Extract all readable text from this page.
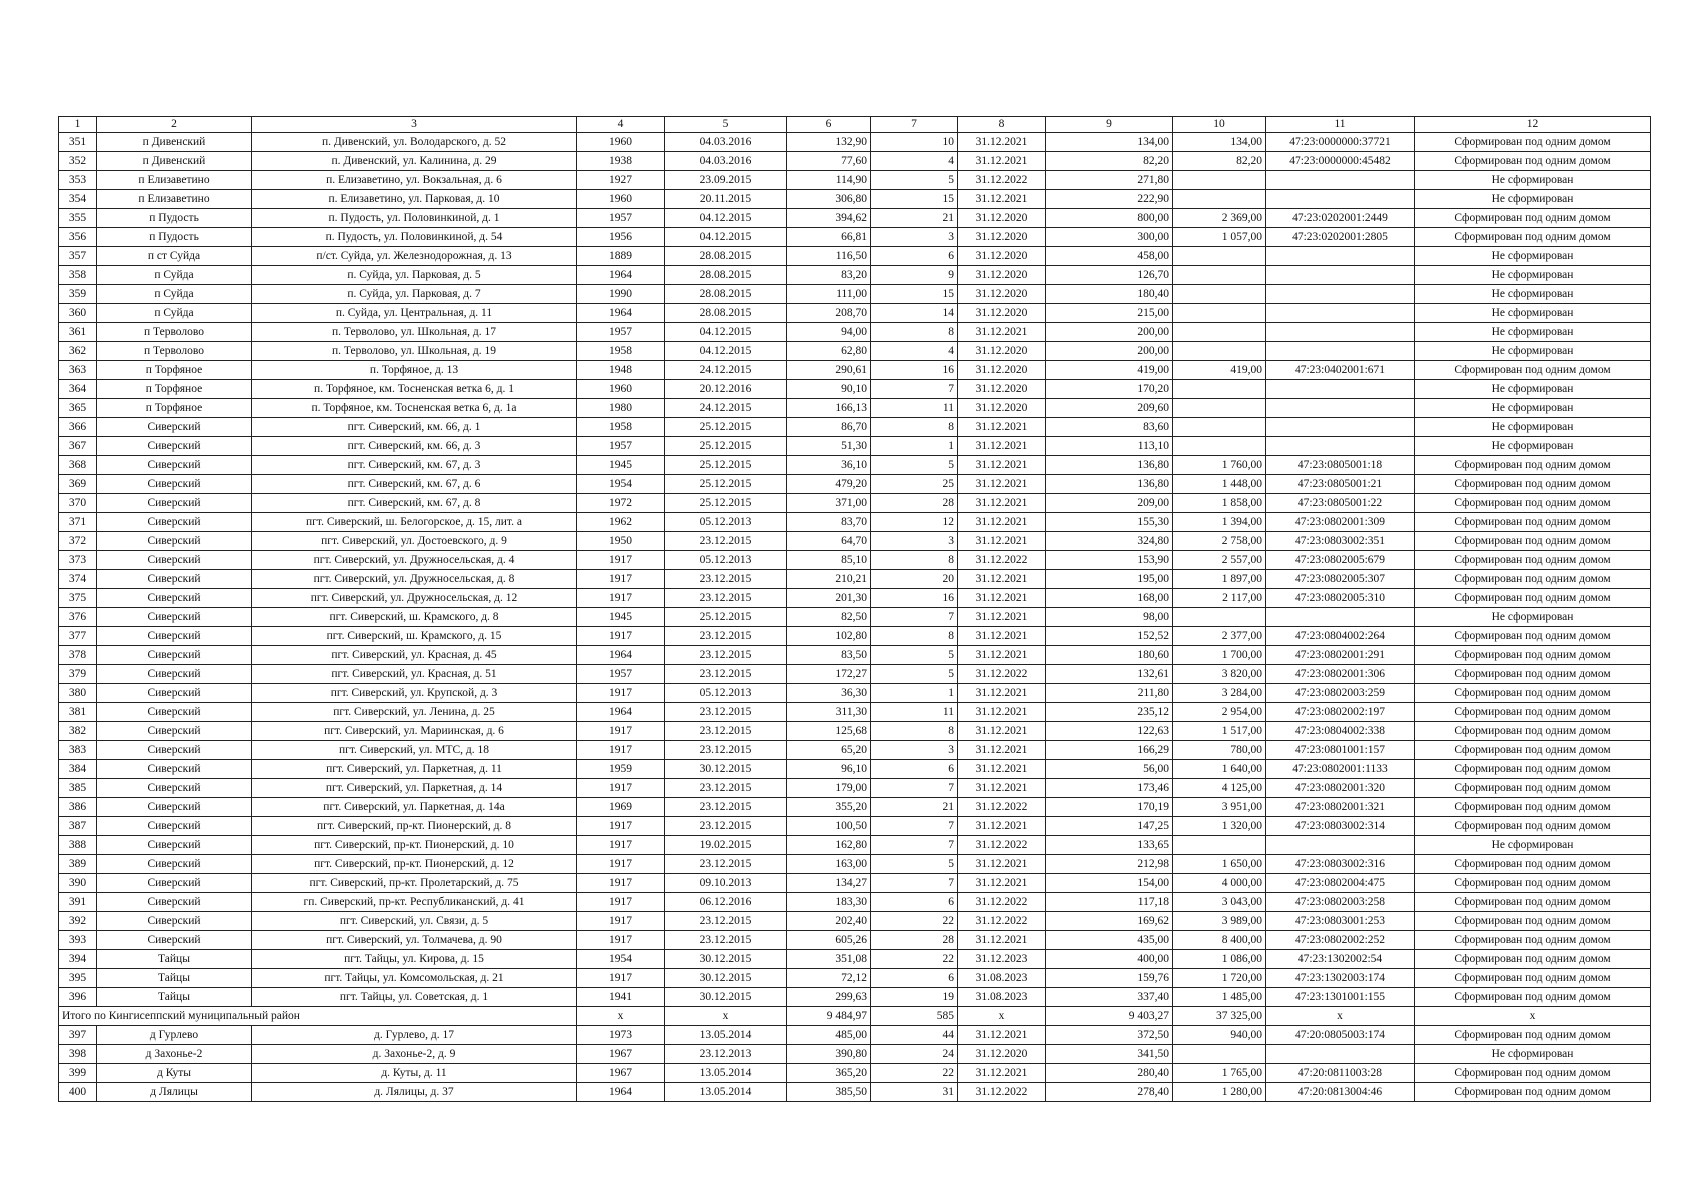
1	2	3	4	5	6	7	8	9	10	11	12
351	п Дивенский	п. Дивенский, ул. Володарского, д. 52	1960	04.03.2016	132,90	10	31.12.2021	134,00	134,00	47:23:0000000:37721	Сформирован под одним домом
352	п Дивенский	п. Дивенский, ул. Калинина, д. 29	1938	04.03.2016	77,60	4	31.12.2021	82,20	82,20	47:23:0000000:45482	Сформирован под одним домом
353	п Елизаветино	п. Елизаветино, ул. Вокзальная, д. 6	1927	23.09.2015	114,90	5	31.12.2022	271,80			Не сформирован
354	п Елизаветино	п. Елизаветино, ул. Парковая, д. 10	1960	20.11.2015	306,80	15	31.12.2021	222,90			Не сформирован
355	п Пудость	п. Пудость, ул. Половинкиной, д. 1	1957	04.12.2015	394,62	21	31.12.2020	800,00	2 369,00	47:23:0202001:2449	Сформирован под одним домом
356	п Пудость	п. Пудость, ул. Половинкиной, д. 54	1956	04.12.2015	66,81	3	31.12.2020	300,00	1 057,00	47:23:0202001:2805	Сформирован под одним домом
357	п ст Суйда	п/ст. Суйда, ул. Железнодорожная, д. 13	1889	28.08.2015	116,50	6	31.12.2020	458,00			Не сформирован
358	п Суйда	п. Суйда, ул. Парковая, д. 5	1964	28.08.2015	83,20	9	31.12.2020	126,70			Не сформирован
359	п Суйда	п. Суйда, ул. Парковая, д. 7	1990	28.08.2015	111,00	15	31.12.2020	180,40			Не сформирован
360	п Суйда	п. Суйда, ул. Центральная, д. 11	1964	28.08.2015	208,70	14	31.12.2020	215,00			Не сформирован
361	п Терволово	п. Терволово, ул. Школьная, д. 17	1957	04.12.2015	94,00	8	31.12.2021	200,00			Не сформирован
362	п Терволово	п. Терволово, ул. Школьная, д. 19	1958	04.12.2015	62,80	4	31.12.2020	200,00			Не сформирован
363	п Торфяное	п. Торфяное, д. 13	1948	24.12.2015	290,61	16	31.12.2020	419,00	419,00	47:23:0402001:671	Сформирован под одним домом
364	п Торфяное	п. Торфяное, км. Тосненская ветка 6, д. 1	1960	20.12.2016	90,10	7	31.12.2020	170,20			Не сформирован
365	п Торфяное	п. Торфяное, км. Тосненская ветка 6, д. 1а	1980	24.12.2015	166,13	11	31.12.2020	209,60			Не сформирован
366	Сиверский	пгт. Сиверский, км. 66, д. 1	1958	25.12.2015	86,70	8	31.12.2021	83,60			Не сформирован
367	Сиверский	пгт. Сиверский, км. 66, д. 3	1957	25.12.2015	51,30	1	31.12.2021	113,10			Не сформирован
368	Сиверский	пгт. Сиверский, км. 67, д. 3	1945	25.12.2015	36,10	5	31.12.2021	136,80	1 760,00	47:23:0805001:18	Сформирован под одним домом
369	Сиверский	пгт. Сиверский, км. 67, д. 6	1954	25.12.2015	479,20	25	31.12.2021	136,80	1 448,00	47:23:0805001:21	Сформирован под одним домом
370	Сиверский	пгт. Сиверский, км. 67, д. 8	1972	25.12.2015	371,00	28	31.12.2021	209,00	1 858,00	47:23:0805001:22	Сформирован под одним домом
371	Сиверский	пгт. Сиверский, ш. Белогорское, д. 15, лит. а	1962	05.12.2013	83,70	12	31.12.2021	155,30	1 394,00	47:23:0802001:309	Сформирован под одним домом
372	Сиверский	пгт. Сиверский, ул. Достоевского, д. 9	1950	23.12.2015	64,70	3	31.12.2021	324,80	2 758,00	47:23:0803002:351	Сформирован под одним домом
373	Сиверский	пгт. Сиверский, ул. Дружносельская, д. 4	1917	05.12.2013	85,10	8	31.12.2022	153,90	2 557,00	47:23:0802005:679	Сформирован под одним домом
374	Сиверский	пгт. Сиверский, ул. Дружносельская, д. 8	1917	23.12.2015	210,21	20	31.12.2021	195,00	1 897,00	47:23:0802005:307	Сформирован под одним домом
375	Сиверский	пгт. Сиверский, ул. Дружносельская, д. 12	1917	23.12.2015	201,30	16	31.12.2021	168,00	2 117,00	47:23:0802005:310	Сформирован под одним домом
376	Сиверский	пгт. Сиверский, ш. Крамского, д. 8	1945	25.12.2015	82,50	7	31.12.2021	98,00			Не сформирован
377	Сиверский	пгт. Сиверский, ш. Крамского, д. 15	1917	23.12.2015	102,80	8	31.12.2021	152,52	2 377,00	47:23:0804002:264	Сформирован под одним домом
378	Сиверский	пгт. Сиверский, ул. Красная, д. 45	1964	23.12.2015	83,50	5	31.12.2021	180,60	1 700,00	47:23:0802001:291	Сформирован под одним домом
379	Сиверский	пгт. Сиверский, ул. Красная, д. 51	1957	23.12.2015	172,27	5	31.12.2022	132,61	3 820,00	47:23:0802001:306	Сформирован под одним домом
380	Сиверский	пгт. Сиверский, ул. Крупской, д. 3	1917	05.12.2013	36,30	1	31.12.2021	211,80	3 284,00	47:23:0802003:259	Сформирован под одним домом
381	Сиверский	пгт. Сиверский, ул. Ленина, д. 25	1964	23.12.2015	311,30	11	31.12.2021	235,12	2 954,00	47:23:0802002:197	Сформирован под одним домом
382	Сиверский	пгт. Сиверский, ул. Мариинская, д. 6	1917	23.12.2015	125,68	8	31.12.2021	122,63	1 517,00	47:23:0804002:338	Сформирован под одним домом
383	Сиверский	пгт. Сиверский, ул. МТС, д. 18	1917	23.12.2015	65,20	3	31.12.2021	166,29	780,00	47:23:0801001:157	Сформирован под одним домом
384	Сиверский	пгт. Сиверский, ул. Паркетная, д. 11	1959	30.12.2015	96,10	6	31.12.2021	56,00	1 640,00	47:23:0802001:1133	Сформирован под одним домом
385	Сиверский	пгт. Сиверский, ул. Паркетная, д. 14	1917	23.12.2015	179,00	7	31.12.2021	173,46	4 125,00	47:23:0802001:320	Сформирован под одним домом
386	Сиверский	пгт. Сиверский, ул. Паркетная, д. 14а	1969	23.12.2015	355,20	21	31.12.2022	170,19	3 951,00	47:23:0802001:321	Сформирован под одним домом
387	Сиверский	пгт. Сиверский, пр-кт. Пионерский, д. 8	1917	23.12.2015	100,50	7	31.12.2021	147,25	1 320,00	47:23:0803002:314	Сформирован под одним домом
388	Сиверский	пгт. Сиверский, пр-кт. Пионерский, д. 10	1917	19.02.2015	162,80	7	31.12.2022	133,65			Не сформирован
389	Сиверский	пгт. Сиверский, пр-кт. Пионерский, д. 12	1917	23.12.2015	163,00	5	31.12.2021	212,98	1 650,00	47:23:0803002:316	Сформирован под одним домом
390	Сиверский	пгт. Сиверский, пр-кт. Пролетарский, д. 75	1917	09.10.2013	134,27	7	31.12.2021	154,00	4 000,00	47:23:0802004:475	Сформирован под одним домом
391	Сиверский	гп. Сиверский, пр-кт. Республиканский, д. 41	1917	06.12.2016	183,30	6	31.12.2022	117,18	3 043,00	47:23:0802003:258	Сформирован под одним домом
392	Сиверский	пгт. Сиверский, ул. Связи, д. 5	1917	23.12.2015	202,40	22	31.12.2022	169,62	3 989,00	47:23:0803001:253	Сформирован под одним домом
393	Сиверский	пгт. Сиверский, ул. Толмачева, д. 90	1917	23.12.2015	605,26	28	31.12.2021	435,00	8 400,00	47:23:0802002:252	Сформирован под одним домом
394	Тайцы	пгт. Тайцы, ул. Кирова, д. 15	1954	30.12.2015	351,08	22	31.12.2023	400,00	1 086,00	47:23:1302002:54	Сформирован под одним домом
395	Тайцы	пгт. Тайцы, ул. Комсомольская, д. 21	1917	30.12.2015	72,12	6	31.08.2023	159,76	1 720,00	47:23:1302003:174	Сформирован под одним домом
396	Тайцы	пгт. Тайцы, ул. Советская, д. 1	1941	30.12.2015	299,63	19	31.08.2023	337,40	1 485,00	47:23:1301001:155	Сформирован под одним домом
Итого по Кингисеппский муниципальный район			х	х	9 484,97	585	х	9 403,27	37 325,00	х	х
397	д Гурлево	д. Гурлево, д. 17	1973	13.05.2014	485,00	44	31.12.2021	372,50	940,00	47:20:0805003:174	Сформирован под одним домом
398	д Захонье-2	д. Захонье-2, д. 9	1967	23.12.2013	390,80	24	31.12.2020	341,50			Не сформирован
399	д Куты	д. Куты, д. 11	1967	13.05.2014	365,20	22	31.12.2021	280,40	1 765,00	47:20:0811003:28	Сформирован под одним домом
400	д Лялицы	д. Лялицы, д. 37	1964	13.05.2014	385,50	31	31.12.2022	278,40	1 280,00	47:20:0813004:46	Сформирован под одним домом
